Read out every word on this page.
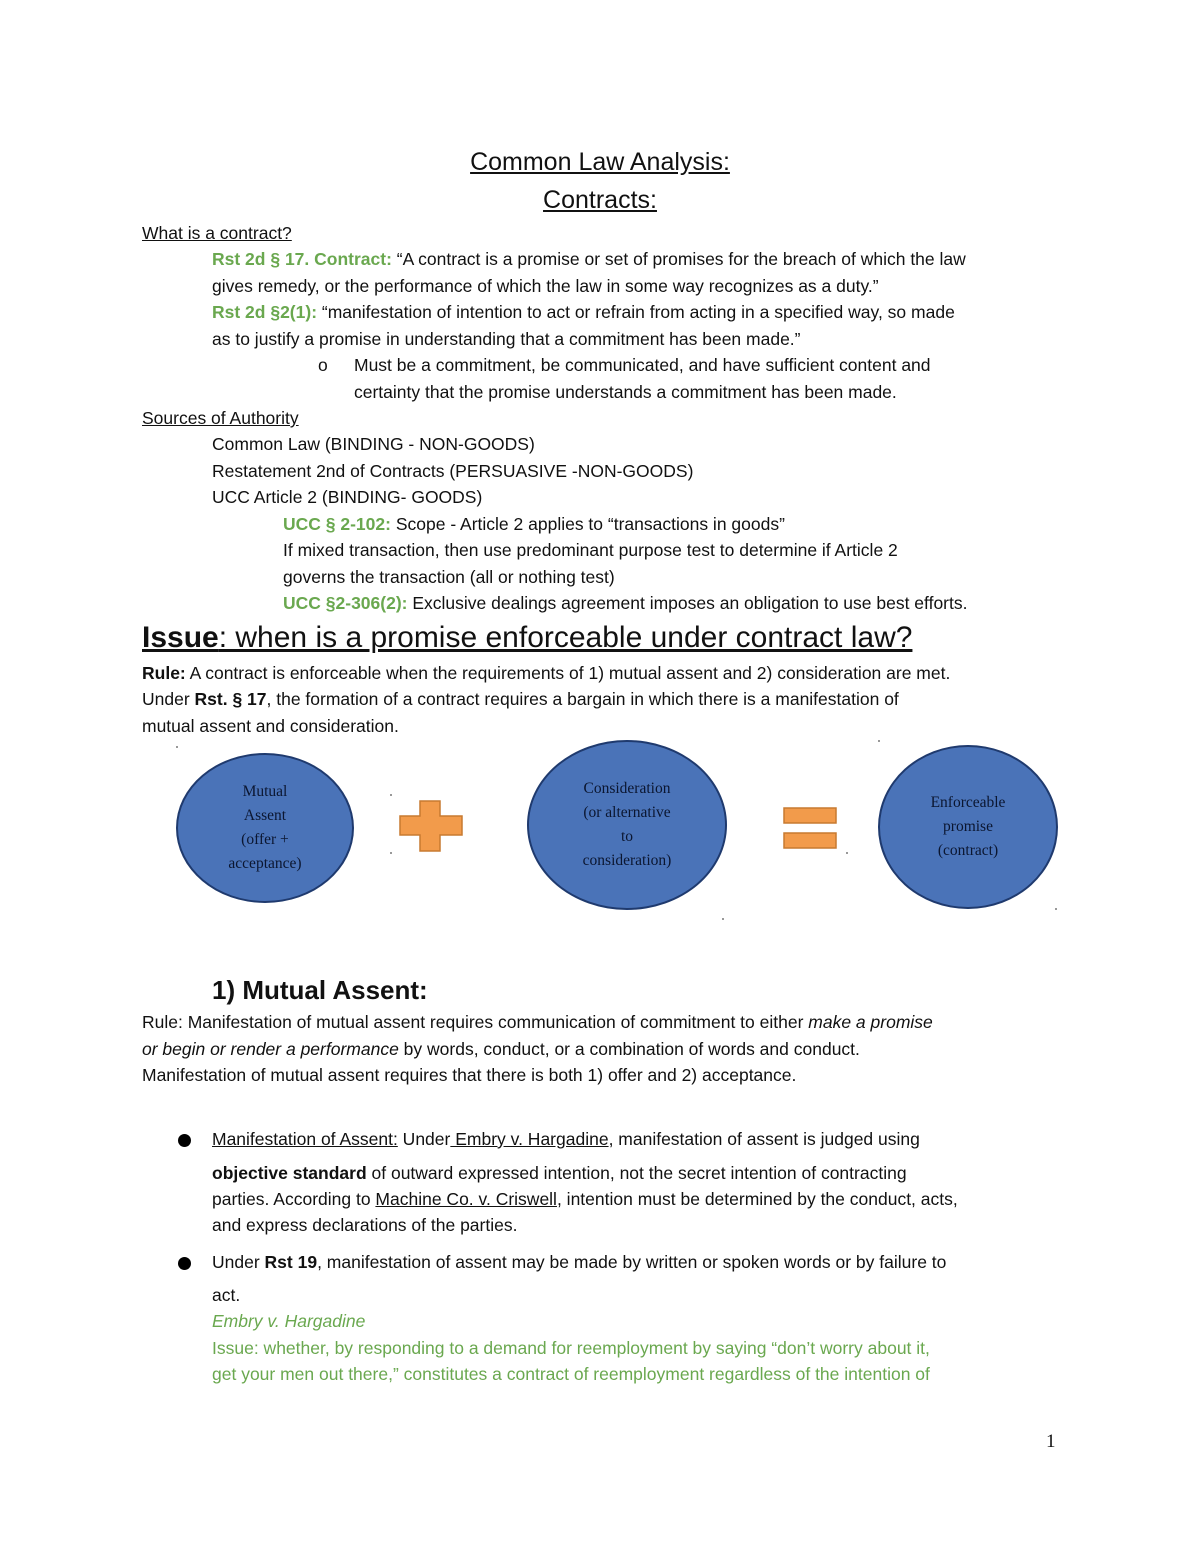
Common Law Analysis:
Contracts:
What is a contract?
Rst 2d § 17. Contract: “A contract is a promise or set of promises for the breach of which the law
gives remedy, or the performance of which the law in some way recognizes as a duty.”
Rst 2d §2(1): “manifestation of intention to act or refrain from acting in a specified way, so made
as to justify a promise in understanding that a commitment has been made.”
o Must be a commitment, be communicated, and have sufficient content and
certainty that the promise understands a commitment has been made.
Sources of Authority
Common Law (BINDING - NON-GOODS)
Restatement 2nd of Contracts (PERSUASIVE -NON-GOODS)
UCC Article 2 (BINDING- GOODS)
UCC § 2-102: Scope - Article 2 applies to “transactions in goods”
If mixed transaction, then use predominant purpose test to determine if Article 2
governs the transaction (all or nothing test)
UCC §2-306(2): Exclusive dealings agreement imposes an obligation to use best efforts.
Issue: when is a promise enforceable under contract law?
Rule: A contract is enforceable when the requirements of 1) mutual assent and 2) consideration are met.
Under Rst. § 17, the formation of a contract requires a bargain in which there is a manifestation of
mutual assent and consideration.
Mutual
Assent
(offer +
acceptance)
Consideration
(or alternative
to
consideration)
Enforceable
promise
(contract)
1) Mutual Assent:
Rule: Manifestation of mutual assent requires communication of commitment to either make a promise
or begin or render a performance by words, conduct, or a combination of words and conduct.
Manifestation of mutual assent requires that there is both 1) offer and 2) acceptance.
Manifestation of Assent: Under Embry v. Hargadine, manifestation of assent is judged using
objective standard of outward expressed intention, not the secret intention of contracting
parties. According to Machine Co. v. Criswell, intention must be determined by the conduct, acts,
and express declarations of the parties.
Under Rst 19, manifestation of assent may be made by written or spoken words or by failure to
act.
Embry v. Hargadine
Issue: whether, by responding to a demand for reemployment by saying “don’t worry about it,
get your men out there,” constitutes a contract of reemployment regardless of the intention of
1
